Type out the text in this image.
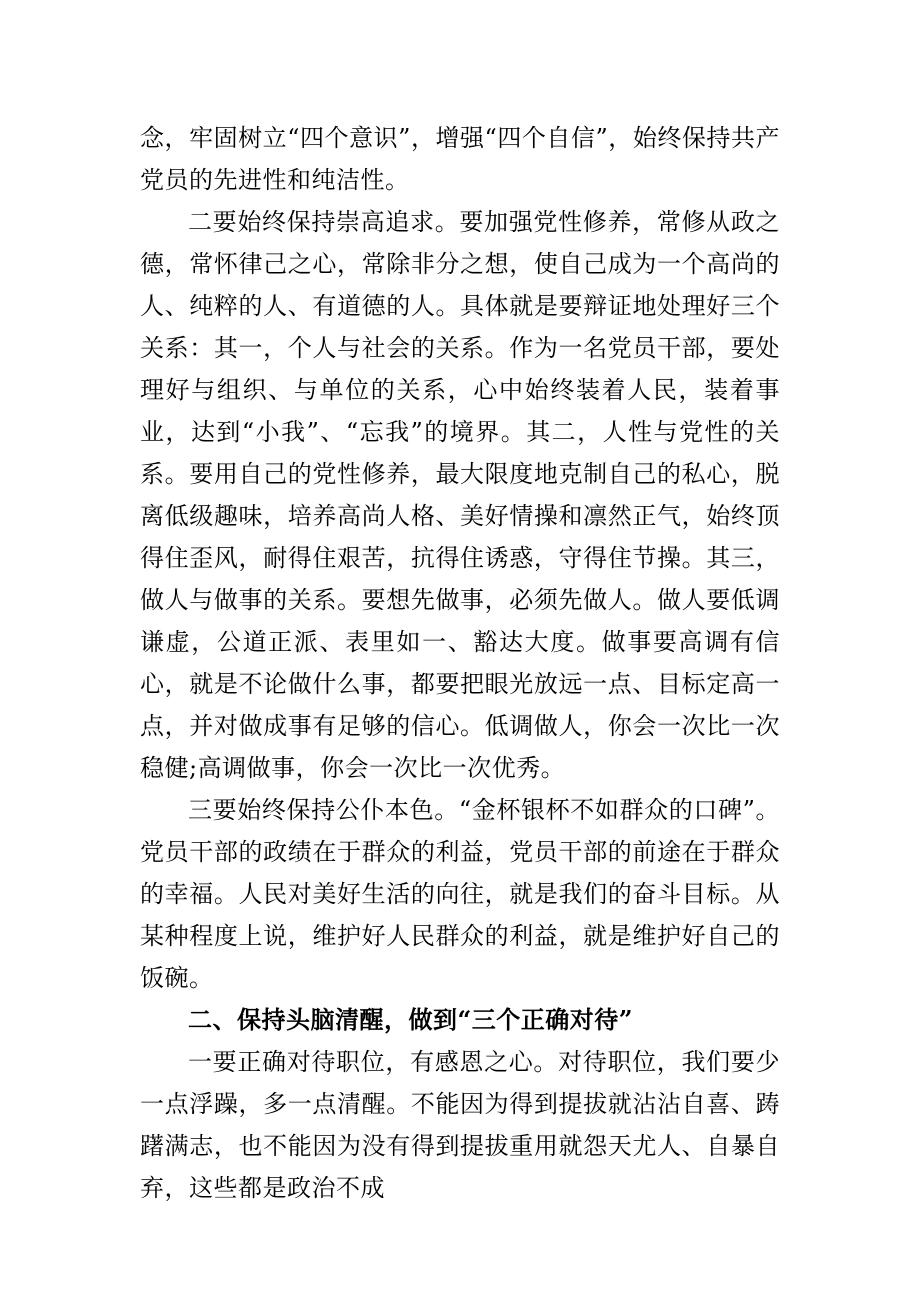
念，牢固树立“四个意识”，增强“四个自信”，始终保持共产党员的先进性和纯洁性。

二要始终保持崇高追求。要加强党性修养，常修从政之德，常怀律己之心，常除非分之想，使自己成为一个高尚的人、纯粹的人、有道德的人。具体就是要辩证地处理好三个关系：其一，个人与社会的关系。作为一名党员干部，要处理好与组织、与单位的关系，心中始终装着人民，装着事业，达到“小我”、“忘我”的境界。其二，人性与党性的关系。要用自己的党性修养，最大限度地克制自己的私心，脱离低级趣味，培养高尚人格、美好情操和凛然正气，始终顶得住歪风，耐得住艰苦，抗得住诱惑，守得住节操。其三，做人与做事的关系。要想先做事，必须先做人。做人要低调谦虚，公道正派、表里如一、豁达大度。做事要高调有信心，就是不论做什么事，都要把眼光放远一点、目标定高一点，并对做成事有足够的信心。低调做人，你会一次比一次稳健;高调做事，你会一次比一次优秀。

三要始终保持公仆本色。“金杯银杯不如群众的口碑”。党员干部的政绩在于群众的利益，党员干部的前途在于群众的幸福。人民对美好生活的向往，就是我们的奋斗目标。从某种程度上说，维护好人民群众的利益，就是维护好自己的饭碗。

二、保持头脑清醒，做到“三个正确对待”

一要正确对待职位，有感恩之心。对待职位，我们要少一点浮躁，多一点清醒。不能因为得到提拔就沾沾自喜、踌躇满志，也不能因为没有得到提拔重用就怨天尤人、自暴自弃，这些都是政治不成
